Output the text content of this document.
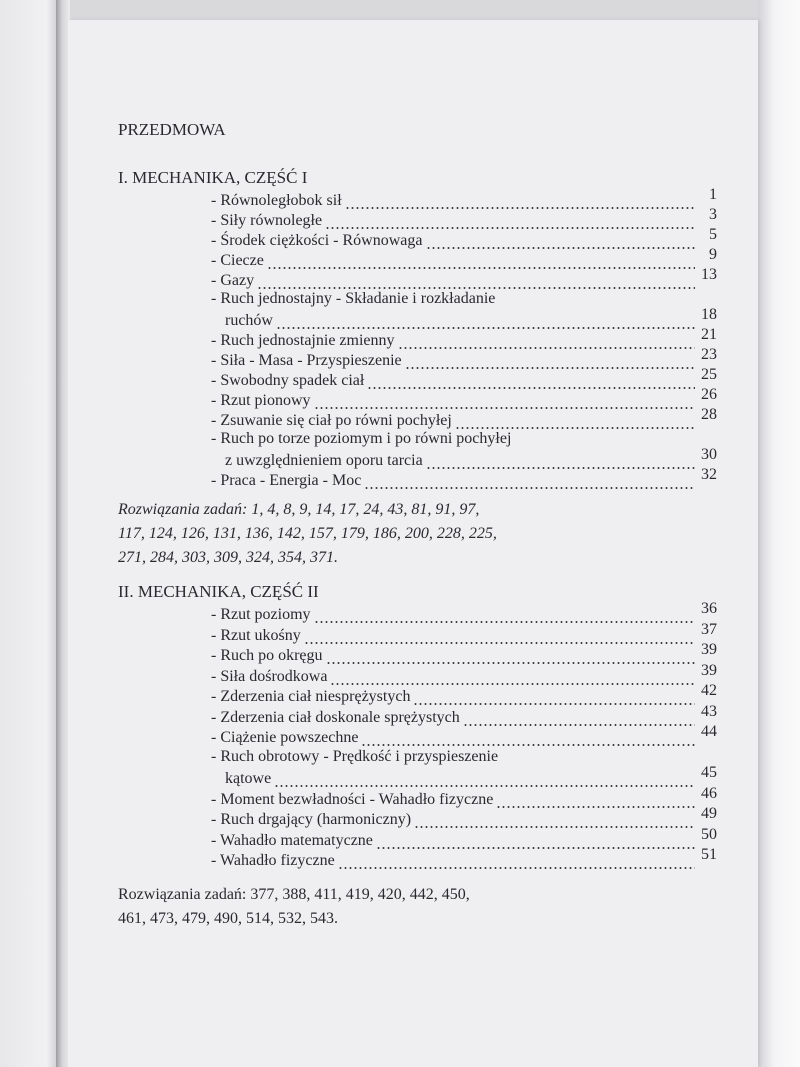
PRZEDMOWA
I. MECHANIKA, CZĘŚĆ I
- Równoległobok sił	1
- Siły równoległe	3
- Środek ciężkości - Równowaga	5
- Ciecze	9
- Gazy	13
- Ruch jednostajny - Składanie i rozkładanie
ruchów	18
- Ruch jednostajnie zmienny	21
- Siła - Masa - Przyspieszenie	23
- Swobodny spadek ciał	25
- Rzut pionowy	26
- Zsuwanie się ciał po równi pochyłej	28
- Ruch po torze poziomym i po równi pochyłej
z uwzględnieniem oporu tarcia	30
- Praca - Energia - Moc	32
Rozwiązania zadań: 1, 4, 8, 9, 14, 17, 24, 43, 81, 91, 97,
117, 124, 126, 131, 136, 142, 157, 179, 186, 200, 228, 225,
271, 284, 303, 309, 324, 354, 371.
II. MECHANIKA, CZĘŚĆ II
- Rzut poziomy	36
- Rzut ukośny	37
- Ruch po okręgu	39
- Siła dośrodkowa	39
- Zderzenia ciał niesprężystych	42
- Zderzenia ciał doskonale sprężystych	43
- Ciążenie powszechne	44
- Ruch obrotowy - Prędkość i przyspieszenie
kątowe	45
- Moment bezwładności - Wahadło fizyczne	46
- Ruch drgający (harmoniczny)	49
- Wahadło matematyczne	50
- Wahadło fizyczne	51
Rozwiązania zadań: 377, 388, 411, 419, 420, 442, 450,
461, 473, 479, 490, 514, 532, 543.
